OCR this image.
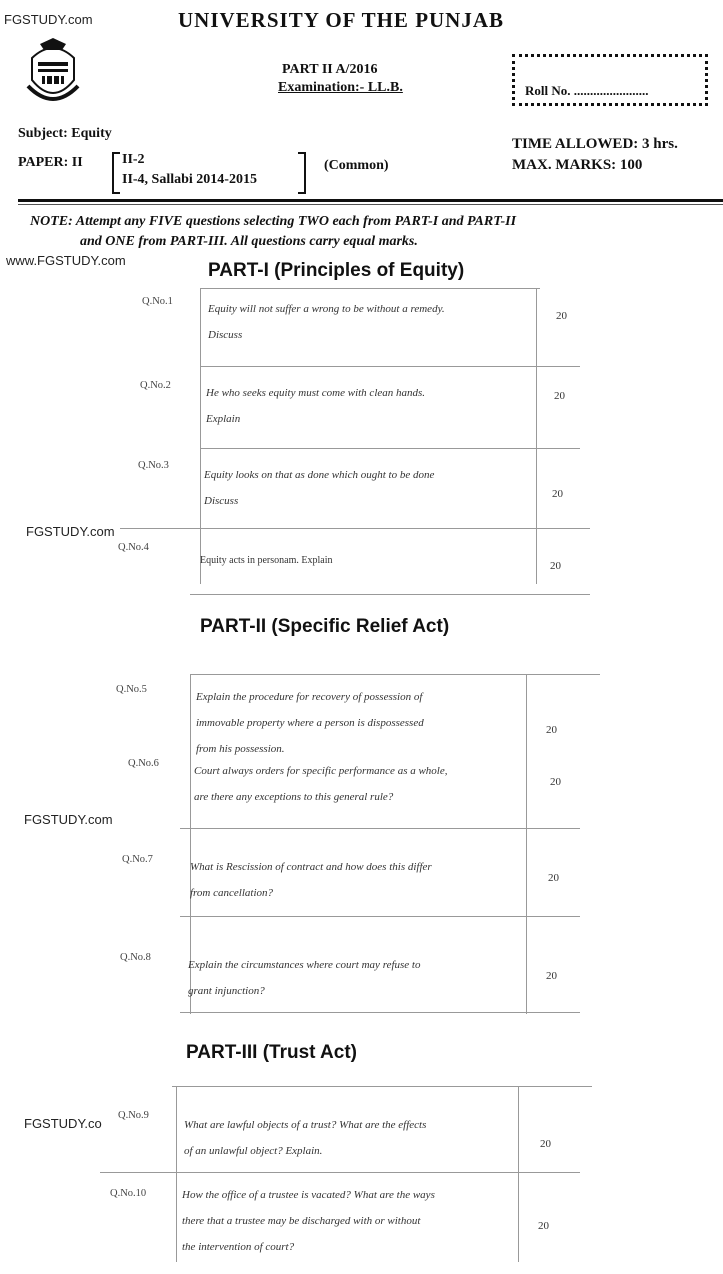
FGSTUDY.com
www.FGSTUDY.com
FGSTUDY.com
FGSTUDY.com
FGSTUDY.co
UNIVERSITY OF THE PUNJAB
PART II A/2016
Examination:- LL.B.	Roll No. .......................
Subject: Equity
PAPER: II	II-2
II-4, Sallabi 2014-2015
(Common)
TIME ALLOWED: 3 hrs.
MAX. MARKS: 100
NOTE: Attempt any FIVE questions selecting TWO each from PART-I and PART-II
and ONE from PART-III. All questions carry equal marks.
PART-I (Principles of Equity)
Q.No.1
Equity will not suffer a wrong to be without a remedy.
Discuss
20
Q.No.2
He who seeks equity must come with clean hands.
Explain
20
Q.No.3
Equity looks on that as done which ought to be done
Discuss
20
Q.No.4
Equity acts in personam. Explain	20
PART-II (Specific Relief Act)
Q.No.5
Explain the procedure for recovery of possession of
immovable property where a person is dispossessed
from his possession.
20
Q.No.6
Court always orders for specific performance as a whole,
are there any exceptions to this general rule?
20
Q.No.7
What is Rescission of contract and how does this differ
from cancellation?
20
Q.No.8
Explain the circumstances where court may refuse to
grant injunction?
20
PART-III (Trust Act)
Q.No.9
What are lawful objects of a trust? What are the effects
of an unlawful object? Explain.
20
Q.No.10	How the office of a trustee is vacated? What are the ways
there that a trustee may be discharged with or without
the intervention of court?
20
